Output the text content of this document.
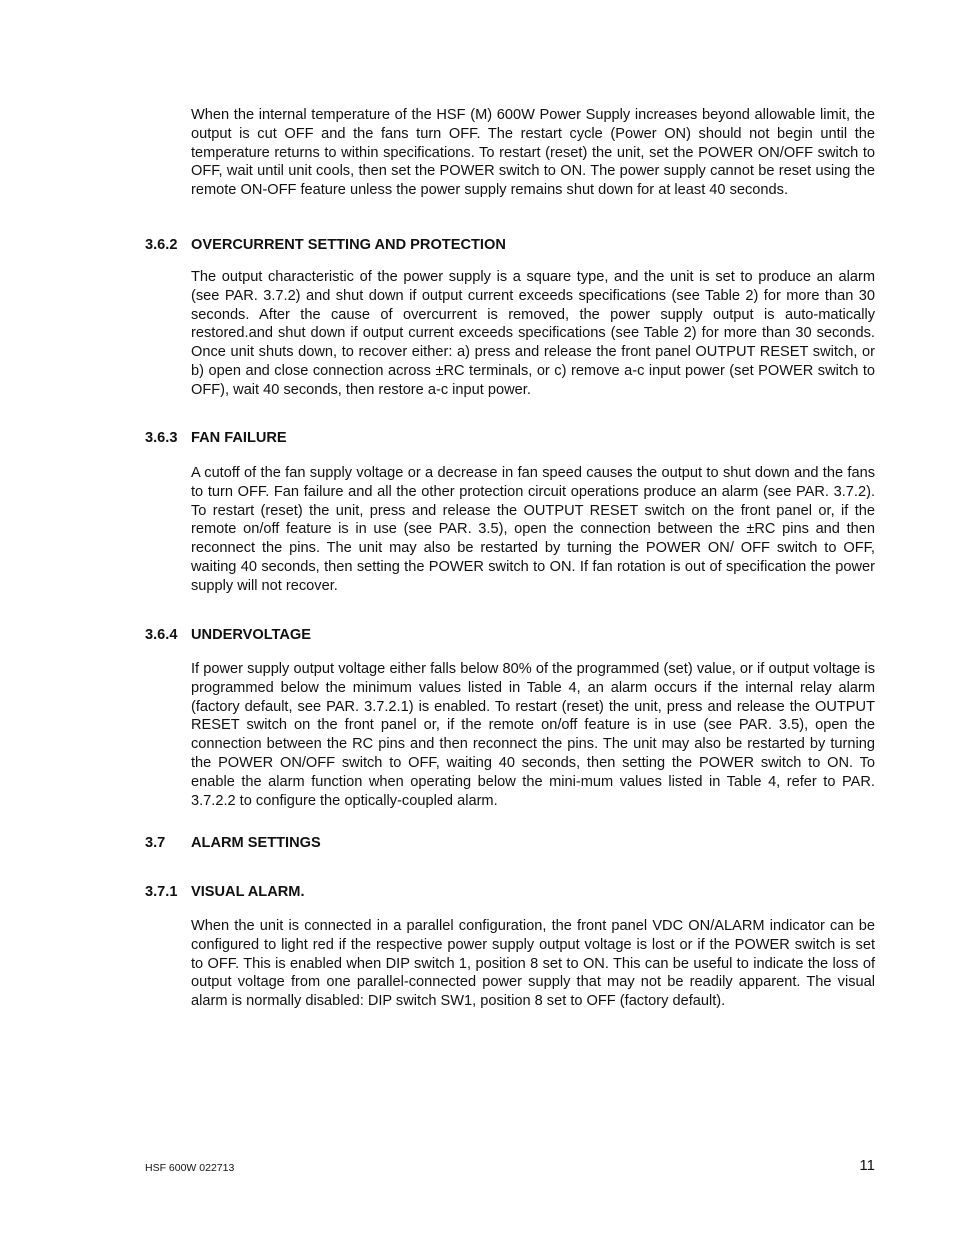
When the internal temperature of the HSF (M) 600W Power Supply increases beyond allowable limit, the output is cut OFF and the fans turn OFF. The restart cycle (Power ON) should not begin until the temperature returns to within specifications. To restart (reset) the unit, set the POWER ON/OFF switch to OFF, wait until unit cools, then set the POWER switch to ON. The power supply cannot be reset using the remote ON-OFF feature unless the power supply remains shut down for at least 40 seconds.

3.6.2 OVERCURRENT SETTING AND PROTECTION

The output characteristic of the power supply is a square type, and the unit is set to produce an alarm (see PAR. 3.7.2) and shut down if output current exceeds specifications (see Table 2) for more than 30 seconds. After the cause of overcurrent is removed, the power supply output is auto-matically restored.and shut down if output current exceeds specifications (see Table 2) for more than 30 seconds. Once unit shuts down, to recover either: a) press and release the front panel OUTPUT RESET switch, or b) open and close connection across ±RC terminals, or c) remove a-c input power (set POWER switch to OFF), wait 40 seconds, then restore a-c input power.

3.6.3 FAN FAILURE

A cutoff of the fan supply voltage or a decrease in fan speed causes the output to shut down and the fans to turn OFF. Fan failure and all the other protection circuit operations produce an alarm (see PAR. 3.7.2). To restart (reset) the unit, press and release the OUTPUT RESET switch on the front panel or, if the remote on/off feature is in use (see PAR. 3.5), open the connection between the ±RC pins and then reconnect the pins. The unit may also be restarted by turning the POWER ON/ OFF switch to OFF, waiting 40 seconds, then setting the POWER switch to ON. If fan rotation is out of specification the power supply will not recover.

3.6.4 UNDERVOLTAGE

If power supply output voltage either falls below 80% of the programmed (set) value, or if output voltage is programmed below the minimum values listed in Table 4, an alarm occurs if the internal relay alarm (factory default, see PAR. 3.7.2.1) is enabled. To restart (reset) the unit, press and release the OUTPUT RESET switch on the front panel or, if the remote on/off feature is in use (see PAR. 3.5), open the connection between the RC pins and then reconnect the pins. The unit may also be restarted by turning the POWER ON/OFF switch to OFF, waiting 40 seconds, then setting the POWER switch to ON. To enable the alarm function when operating below the mini-mum values listed in Table 4, refer to PAR. 3.7.2.2 to configure the optically-coupled alarm.

3.7 ALARM SETTINGS
3.7.1 VISUAL ALARM.

When the unit is connected in a parallel configuration, the front panel VDC ON/ALARM indicator can be configured to light red if the respective power supply output voltage is lost or if the POWER switch is set to OFF. This is enabled when DIP switch 1, position 8 set to ON. This can be useful to indicate the loss of output voltage from one parallel-connected power supply that may not be readily apparent. The visual alarm is normally disabled: DIP switch SW1, position 8 set to OFF (factory default).

HSF 600W 022713	11
